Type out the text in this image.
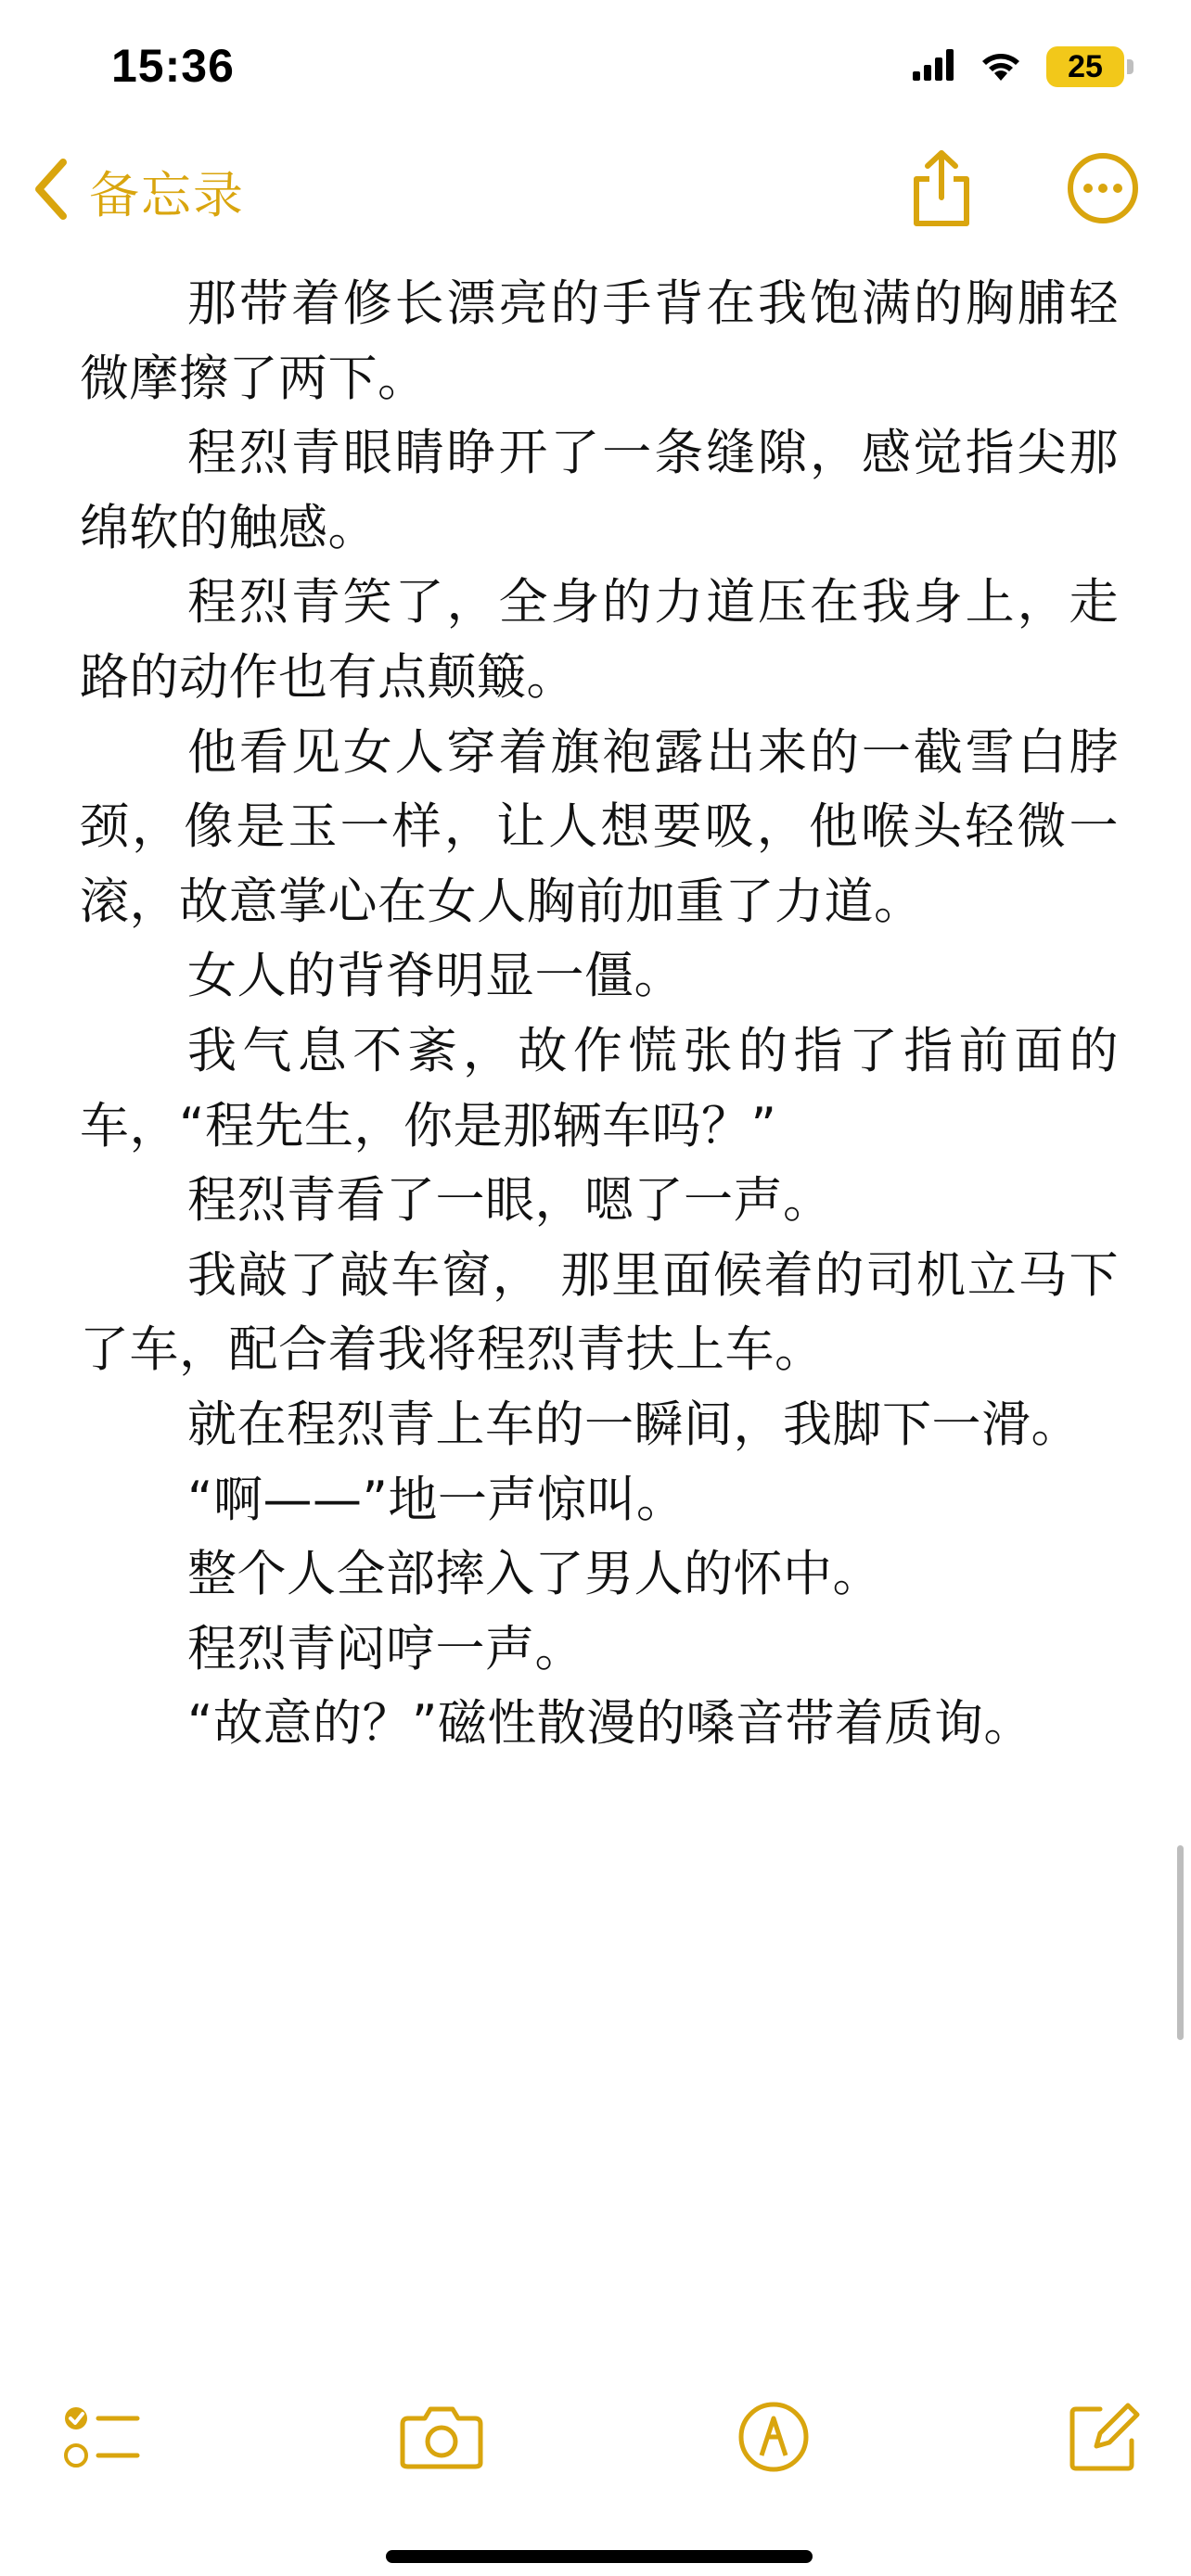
15:36	25
备忘录

那带着修长漂亮的手背在我饱满的胸脯轻微摩擦了两下。

程烈青眼睛睁开了一条缝隙，感觉指尖那绵软的触感。

程烈青笑了，全身的力道压在我身上，走路的动作也有点颠簸。

他看见女人穿着旗袍露出来的一截雪白脖颈，像是玉一样，让人想要吸，他喉头轻微一滚，故意掌心在女人胸前加重了力道。

女人的背脊明显一僵。

我气息不紊，故作慌张的指了指前面的车，“程先生，你是那辆车吗？”

程烈青看了一眼，嗯了一声。

我敲了敲车窗， 那里面候着的司机立马下了车，配合着我将程烈青扶上车。

就在程烈青上车的一瞬间，我脚下一滑。

“啊——”地一声惊叫。

整个人全部摔入了男人的怀中。

程烈青闷哼一声。

“故意的？”磁性散漫的嗓音带着质询。
